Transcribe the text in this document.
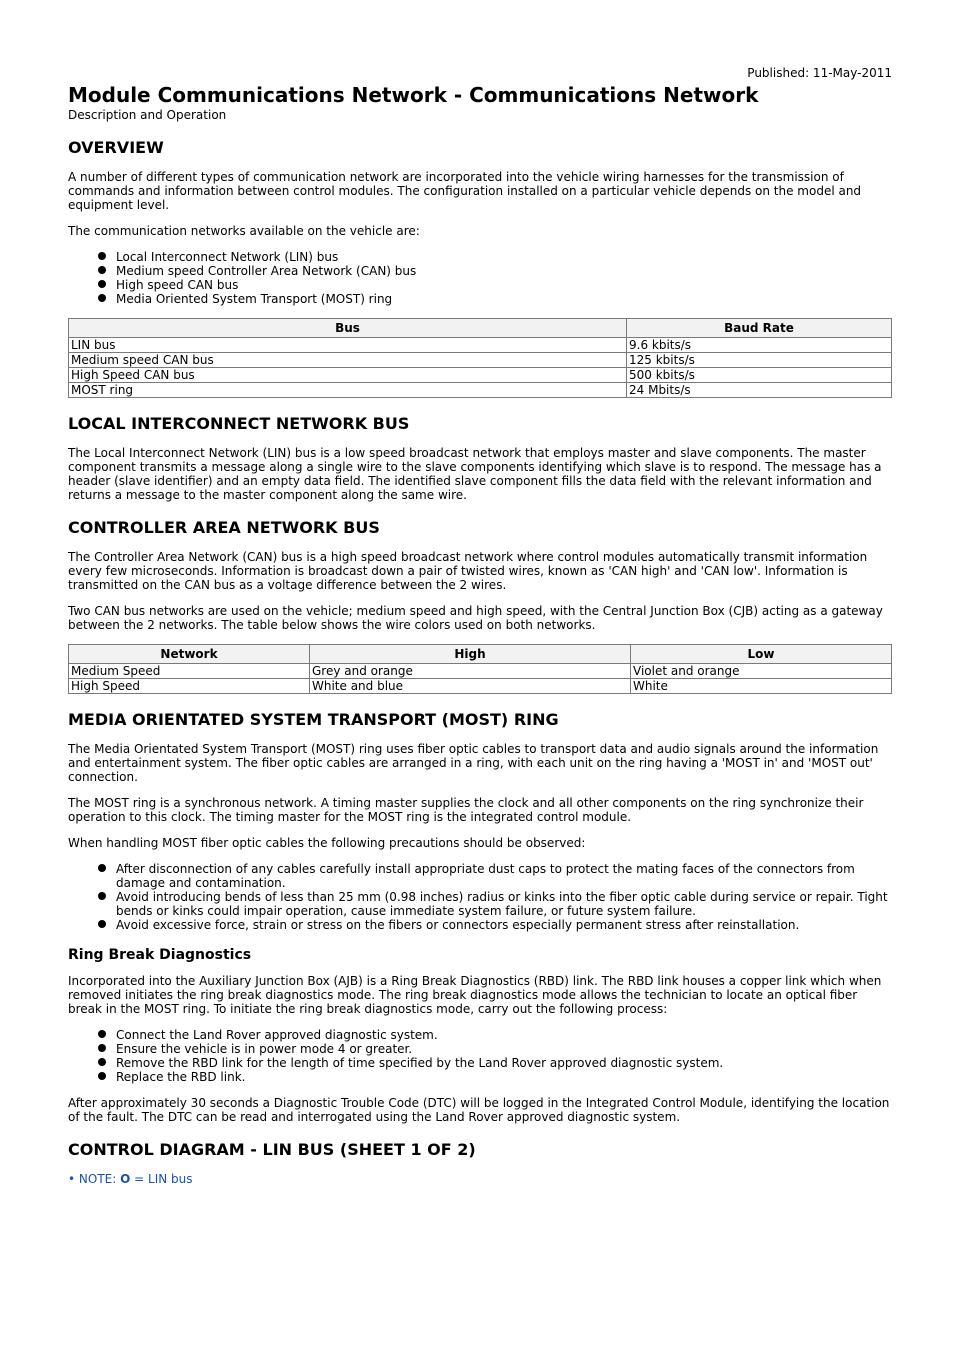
Published: 11-May-2011
Module Communications Network - Communications Network
Description and Operation
OVERVIEW

A number of different types of communication network are incorporated into the vehicle wiring harnesses for the transmission of commands and information between control modules. The configuration installed on a particular vehicle depends on the model and equipment level.

The communication networks available on the vehicle are:

Local Interconnect Network (LIN) bus
Medium speed Controller Area Network (CAN) bus
High speed CAN bus
Media Oriented System Transport (MOST) ring
Bus	Baud Rate
LIN bus	9.6 kbits/s
Medium speed CAN bus	125 kbits/s
High Speed CAN bus	500 kbits/s
MOST ring	24 Mbits/s
LOCAL INTERCONNECT NETWORK BUS

The Local Interconnect Network (LIN) bus is a low speed broadcast network that employs master and slave components. The master component transmits a message along a single wire to the slave components identifying which slave is to respond. The message has a header (slave identifier) and an empty data field. The identified slave component fills the data field with the relevant information and returns a message to the master component along the same wire.

CONTROLLER AREA NETWORK BUS

The Controller Area Network (CAN) bus is a high speed broadcast network where control modules automatically transmit information every few microseconds. Information is broadcast down a pair of twisted wires, known as 'CAN high' and 'CAN low'. Information is transmitted on the CAN bus as a voltage difference between the 2 wires.

Two CAN bus networks are used on the vehicle; medium speed and high speed, with the Central Junction Box (CJB) acting as a gateway between the 2 networks. The table below shows the wire colors used on both networks.

Network	High	Low
Medium Speed	Grey and orange	Violet and orange
High Speed	White and blue	White
MEDIA ORIENTATED SYSTEM TRANSPORT (MOST) RING

The Media Orientated System Transport (MOST) ring uses fiber optic cables to transport data and audio signals around the information and entertainment system. The fiber optic cables are arranged in a ring, with each unit on the ring having a 'MOST in' and 'MOST out' connection.

The MOST ring is a synchronous network. A timing master supplies the clock and all other components on the ring synchronize their operation to this clock. The timing master for the MOST ring is the integrated control module.

When handling MOST fiber optic cables the following precautions should be observed:

After disconnection of any cables carefully install appropriate dust caps to protect the mating faces of the connectors from damage and contamination.
Avoid introducing bends of less than 25 mm (0.98 inches) radius or kinks into the fiber optic cable during service or repair. Tight bends or kinks could impair operation, cause immediate system failure, or future system failure.
Avoid excessive force, strain or stress on the fibers or connectors especially permanent stress after reinstallation.
Ring Break Diagnostics

Incorporated into the Auxiliary Junction Box (AJB) is a Ring Break Diagnostics (RBD) link. The RBD link houses a copper link which when removed initiates the ring break diagnostics mode. The ring break diagnostics mode allows the technician to locate an optical fiber break in the MOST ring. To initiate the ring break diagnostics mode, carry out the following process:

Connect the Land Rover approved diagnostic system.
Ensure the vehicle is in power mode 4 or greater.
Remove the RBD link for the length of time specified by the Land Rover approved diagnostic system.
Replace the RBD link.

After approximately 30 seconds a Diagnostic Trouble Code (DTC) will be logged in the Integrated Control Module, identifying the location of the fault. The DTC can be read and interrogated using the Land Rover approved diagnostic system.

CONTROL DIAGRAM - LIN BUS (SHEET 1 OF 2)
• NOTE: O = LIN bus
